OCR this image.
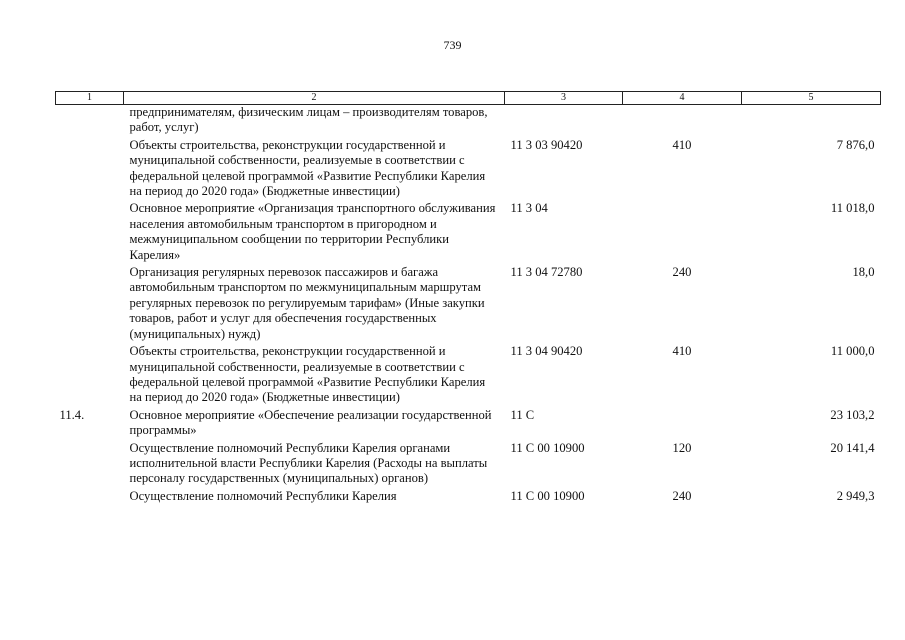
739
1	2	3	4	5
	предпринимателям, физическим лицам – производителям товаров, работ, услуг)			
	Объекты строительства, реконструкции государственной и муниципальной собственности, реализуемые в соответствии с федеральной целевой программой «Развитие Республики Карелия на период до 2020 года» (Бюджетные инвестиции)	11 3 03 90420	410	7 876,0
	Основное мероприятие «Организация транспортного обслуживания населения автомобильным транспортом в пригородном и межмуниципальном сообщении по территории Республики Карелия»	11 3 04		11 018,0
	Организация регулярных перевозок пассажиров и багажа автомобильным транспортом по межмуниципальным маршрутам регулярных перевозок по регулируемым тарифам» (Иные закупки товаров, работ и услуг для обеспечения государственных (муниципальных) нужд)	11 3 04 72780	240	18,0
	Объекты строительства, реконструкции государственной и муниципальной собственности, реализуемые в соответствии с федеральной целевой программой «Развитие Республики Карелия на период до 2020 года» (Бюджетные инвестиции)	11 3 04 90420	410	11 000,0
11.4.	Основное мероприятие «Обеспечение реализации государственной программы»	11 С		23 103,2
	Осуществление полномочий Республики Карелия органами исполнительной власти Республики Карелия (Расходы на выплаты персоналу государственных (муниципальных) органов)	11 С 00 10900	120	20 141,4
	Осуществление полномочий Республики Карелия	11 С 00 10900	240	2 949,3
